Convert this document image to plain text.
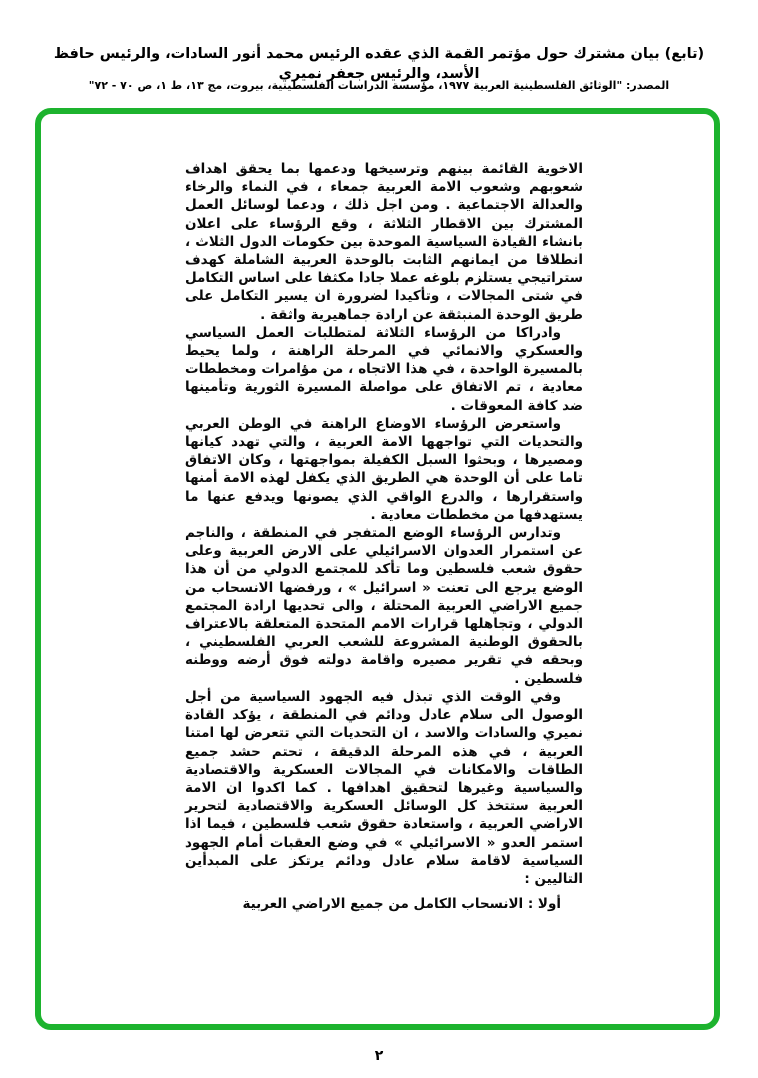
(تابع) بيان مشترك حول مؤتمر القمة الذي عقده الرئيس محمد أنور السادات، والرئيس حافظ الأسد، والرئيس جعفر نميري
المصدر: "الوثائق الفلسطينية العربية ١٩٧٧، مؤسسة الدراسات الفلسطينية، بيروت، مج ١٣، ط ١، ص ٧٠ - ٧٢"

الاخوية القائمة بينهم وترسيخها ودعمها بما يحقق اهداف شعوبهم وشعوب الامة العربية جمعاء ، في النماء والرخاء والعدالة الاجتماعية . ومن اجل ذلك ، ودعما لوسائل العمل المشترك بين الاقطار الثلاثة ، وقع الرؤساء على اعلان بانشاء القيادة السياسية الموحدة بين حكومات الدول الثلاث ، انطلاقا من ايمانهم الثابت بالوحدة العربية الشاملة كهدف ستراتيجي يستلزم بلوغه عملا جادا مكثفا على اساس التكامل في شتى المجالات ، وتأكيدا لضرورة ان يسير التكامل على طريق الوحدة المنبثقة عن ارادة جماهيرية واثقة .

وادراكا من الرؤساء الثلاثة لمتطلبات العمل السياسي والعسكري والانمائي في المرحلة الراهنة ، ولما يحيط بالمسيرة الواحدة ، في هذا الاتجاه ، من مؤامرات ومخططات معادية ، تم الاتفاق على مواصلة المسيرة الثورية وتأمينها ضد كافة المعوقات .

واستعرض الرؤساء الاوضاع الراهنة في الوطن العربي والتحديات التي تواجهها الامة العربية ، والتي تهدد كيانها ومصيرها ، وبحثوا السبل الكفيلة بمواجهتها ، وكان الاتفاق تاما على أن الوحدة هي الطريق الذي يكفل لهذه الامة أمنها واستقرارها ، والدرع الواقي الذي يصونها ويدفع عنها ما يستهدفها من مخططات معادية .

وتدارس الرؤساء الوضع المتفجر في المنطقة ، والناجم عن استمرار العدوان الاسرائيلي على الارض العربية وعلى حقوق شعب فلسطين وما تأكد للمجتمع الدولي من أن هذا الوضع يرجع الى تعنت « اسرائيل » ، ورفضها الانسحاب من جميع الاراضي العربية المحتلة ، والى تحديها ارادة المجتمع الدولي ، وتجاهلها قرارات الامم المتحدة المتعلقة بالاعتراف بالحقوق الوطنية المشروعة للشعب العربي الفلسطيني ، وبحقه في تقرير مصيره واقامة دولته فوق أرضه ووطنه فلسطين .

وفي الوقت الذي تبذل فيه الجهود السياسية من أجل الوصول الى سلام عادل ودائم في المنطقة ، يؤكد القادة نميري والسادات والاسد ، ان التحديات التي تتعرض لها امتنا العربية ، في هذه المرحلة الدقيقة ، تحتم حشد جميع الطاقات والامكانات في المجالات العسكرية والاقتصادية والسياسية وغيرها لتحقيق اهدافها . كما اكدوا ان الامة العربية ستتخذ كل الوسائل العسكرية والاقتصادية لتحرير الاراضي العربية ، واستعادة حقوق شعب فلسطين ، فيما اذا استمر العدو « الاسرائيلي » في وضع العقبات أمام الجهود السياسية لاقامة سلام عادل ودائم يرتكز على المبدأين التاليين :

أولا : الانسحاب الكامل من جميع الاراضي العربية

٢
